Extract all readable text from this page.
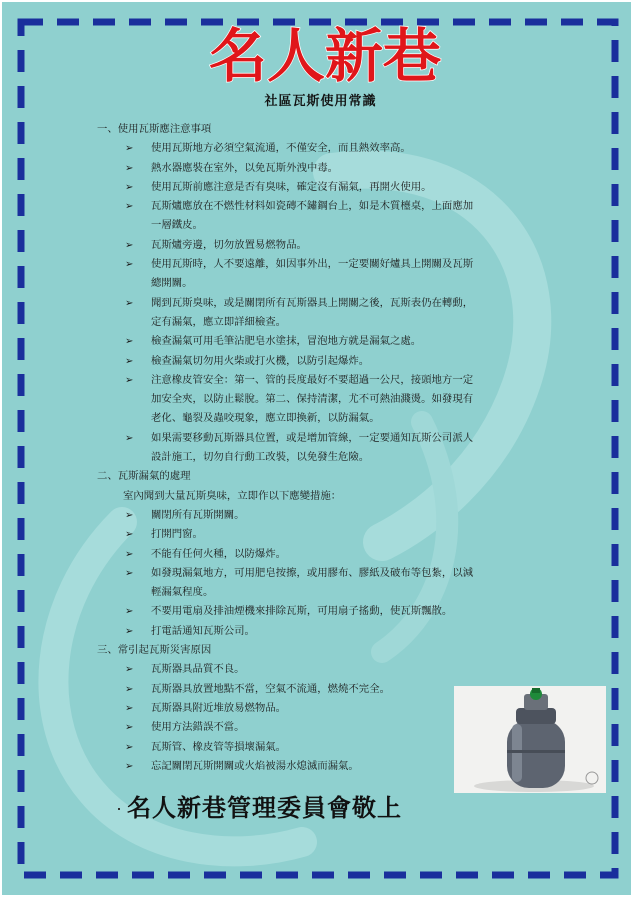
名人新巷
社區瓦斯使用常識
一、使用瓦斯應注意事項
➢ 使用瓦斯地方必須空氣流通，不僅安全，而且熱效率高。
➢ 熱水器應裝在室外，以免瓦斯外洩中毒。
➢ 使用瓦斯前應注意是否有臭味，確定沒有漏氣，再開火使用。
➢ 瓦斯爐應放在不燃性材料如瓷磚不鏽鋼台上，如是木質檯桌，上面應加
一層鐵皮。
➢ 瓦斯爐旁邊，切勿放置易燃物品。
➢ 使用瓦斯時，人不要遠離，如因事外出，一定要關好爐具上開關及瓦斯
總開關。
➢ 聞到瓦斯臭味，或是關閉所有瓦斯器具上開關之後，瓦斯表仍在轉動，
定有漏氣，應立即詳細檢查。
➢ 檢查漏氣可用毛筆沾肥皂水塗抹，冒泡地方就是漏氣之處。
➢ 檢查漏氣切勿用火柴或打火機，以防引起爆炸。
➢ 注意橡皮管安全：第一、管的長度最好不要超過一公尺，接頭地方一定
加安全夾，以防止鬆脫。第二、保持清潔，尤不可熱油濺燙。如發現有
老化、龜裂及蟲咬現象，應立即換新，以防漏氣。
➢ 如果需要移動瓦斯器具位置，或是增加管線，一定要通知瓦斯公司派人
設計施工，切勿自行動工改裝，以免發生危險。
二、瓦斯漏氣的處理
室內聞到大量瓦斯臭味，立即作以下應變措施：
➢ 關閉所有瓦斯開關。
➢ 打開門窗。
➢ 不能有任何火種，以防爆炸。
➢ 如發現漏氣地方，可用肥皂按擦，或用膠布、膠紙及破布等包紮，以減
輕漏氣程度。
➢ 不要用電扇及排油煙機來排除瓦斯，可用扇子搖動，使瓦斯飄散。
➢ 打電話通知瓦斯公司。
三、常引起瓦斯災害原因
➢ 瓦斯器具品質不良。
➢ 瓦斯器具放置地點不當，空氣不流通，燃燒不完全。
➢ 瓦斯器具附近堆放易燃物品。
➢ 使用方法錯誤不當。
➢ 瓦斯管、橡皮管等損壞漏氣。
➢ 忘記關閉瓦斯開關或火焰被湯水熄滅而漏氣。
名人新巷管理委員會敬上
